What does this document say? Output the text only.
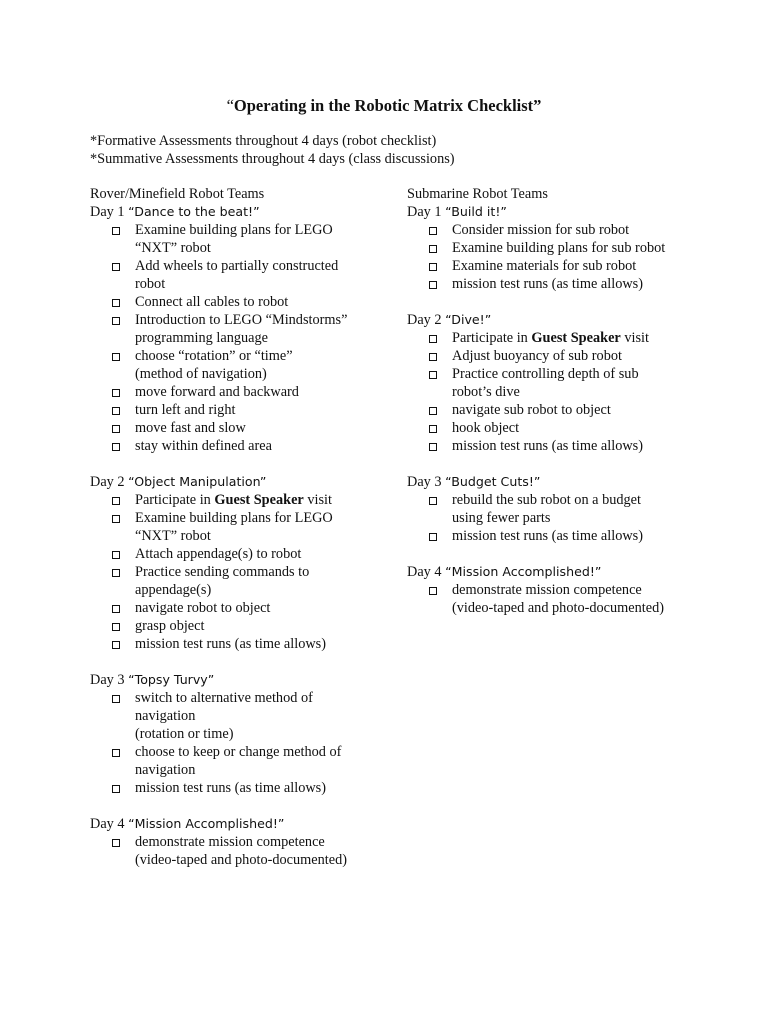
“Operating in the Robotic Matrix Checklist”
*Formative Assessments throughout 4 days (robot checklist)
*Summative Assessments throughout 4 days (class discussions)
Rover/Minefield Robot Teams
Day 1 “Dance to the beat!”
Examine building plans for LEGO
“NXT” robot
Add wheels to partially constructed
robot
Connect all cables to robot
Introduction to LEGO “Mindstorms”
programming language
choose “rotation” or “time”
(method of navigation)
move forward and backward
turn left and right
move fast and slow
stay within defined area
Day 2 “Object Manipulation”
Participate in Guest Speaker visit
Examine building plans for LEGO
“NXT” robot
Attach appendage(s) to robot
Practice sending commands to
appendage(s)
navigate robot to object
grasp object
mission test runs (as time allows)
Day 3 “Topsy Turvy”
switch to alternative method of
navigation
(rotation or time)
choose to keep or change method of
navigation
mission test runs (as time allows)
Day 4 “Mission Accomplished!”
demonstrate mission competence
(video-taped and photo-documented)
Submarine Robot Teams
Day 1 “Build it!”
Consider mission for sub robot
Examine building plans for sub robot
Examine materials for sub robot
mission test runs (as time allows)
Day 2 “Dive!”
Participate in Guest Speaker visit
Adjust buoyancy of sub robot
Practice controlling depth of sub
robot’s dive
navigate sub robot to object
hook object
mission test runs (as time allows)
Day 3 “Budget Cuts!”
rebuild the sub robot on a budget
using fewer parts
mission test runs (as time allows)
Day 4 “Mission Accomplished!”
demonstrate mission competence
(video-taped and photo-documented)
